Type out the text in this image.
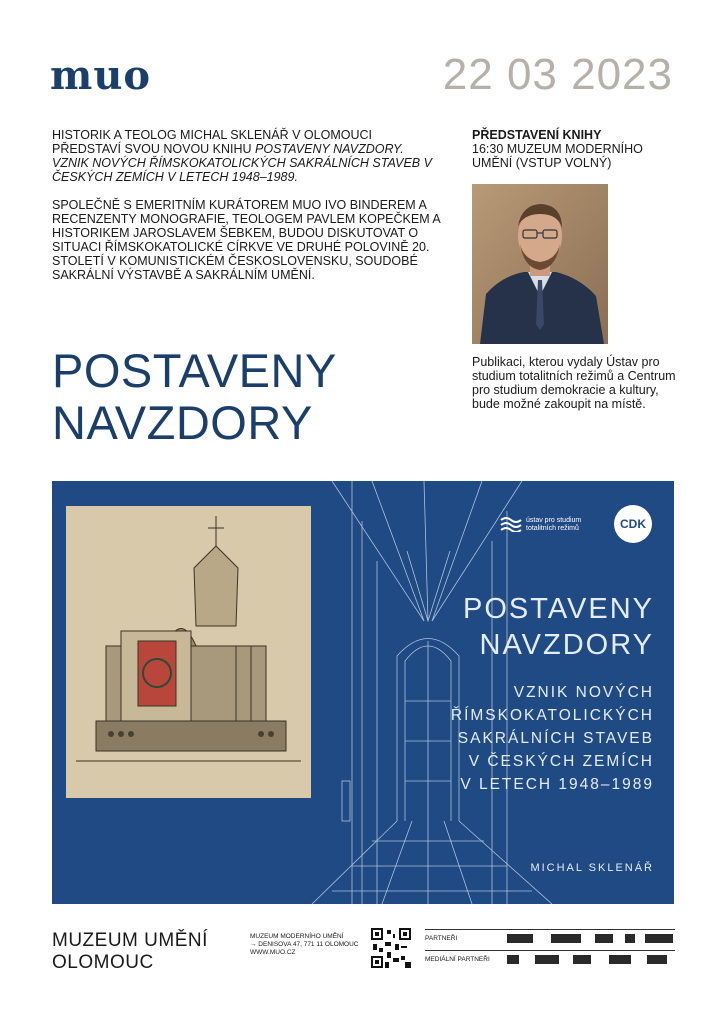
muo	22 03 2023

HISTORIK A TEOLOG MICHAL SKLENÁŘ V OLOMOUCI
PŘEDSTAVÍ SVOU NOVOU KNIHU POSTAVENY NAVZDORY.
VZNIK NOVÝCH ŘÍMSKOKATOLICKÝCH SAKRÁLNÍCH STAVEB V ČESKÝCH ZEMÍCH V LETECH 1948–1989.

SPOLEČNĚ S EMERITNÍM KURÁTOREM MUO IVO BINDEREM A RECENZENTY MONOGRAFIE, TEOLOGEM PAVLEM KOPEČKEM A HISTORIKEM JAROSLAVEM ŠEBKEM, BUDOU DISKUTOVAT O SITUACI ŘÍMSKOKATOLICKÉ CÍRKVE VE DRUHÉ POLOVINĚ 20. STOLETÍ V KOMUNISTICKÉM ČESKOSLOVENSKU, SOUDOBÉ SAKRÁLNÍ VÝSTAVBĚ A SAKRÁLNÍM UMĚNÍ.

PŘEDSTAVENÍ KNIHY
16:30 MUZEUM MODERNÍHO UMĚNÍ (VSTUP VOLNÝ)
Publikaci, kterou vydaly Ústav pro studium totalitních režimů a Centrum pro studium demokracie a kultury, bude možné zakoupit na místě.
POSTAVENY
NAVZDORY
ústav pro studium totalitních režimů	CDK
POSTAVENY
NAVZDORY
VZNIK NOVÝCH
ŘÍMSKOKATOLICKÝCH
SAKRÁLNÍCH STAVEB
V ČESKÝCH ZEMÍCH
V LETECH 1948–1989
MICHAL SKLENÁŘ
MUZEUM UMĚNÍ
OLOMOUC
MUZEUM MODERNÍHO UMĚNÍ
→ DENISOVA 47, 771 11 OLOMOUC
WWW.MUO.CZ
PARTNEŘI
MEDIÁLNÍ PARTNEŘI
